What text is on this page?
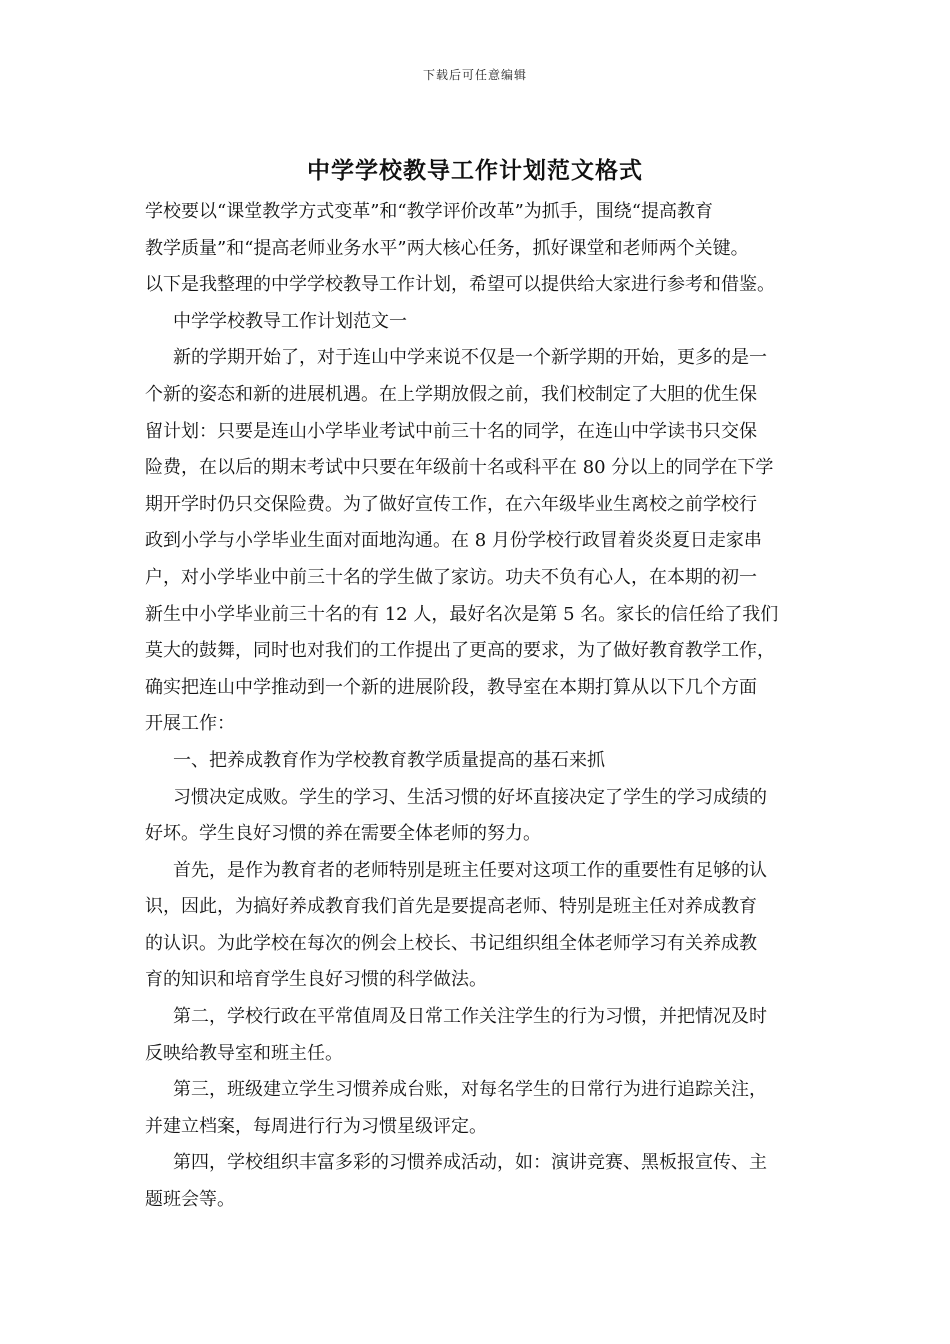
下载后可任意编辑
中学学校教导工作计划范文格式
学校要以“课堂教学方式变革”和“教学评价改革”为抓手，围绕“提高教育
教学质量”和“提高老师业务水平”两大核心任务，抓好课堂和老师两个关键。
以下是我整理的中学学校教导工作计划，希望可以提供给大家进行参考和借鉴。
中学学校教导工作计划范文一
新的学期开始了，对于连山中学来说不仅是一个新学期的开始，更多的是一
个新的姿态和新的进展机遇。在上学期放假之前，我们校制定了大胆的优生保
留计划：只要是连山小学毕业考试中前三十名的同学，在连山中学读书只交保
险费，在以后的期末考试中只要在年级前十名或科平在 80 分以上的同学在下学
期开学时仍只交保险费。为了做好宣传工作，在六年级毕业生离校之前学校行
政到小学与小学毕业生面对面地沟通。在 8 月份学校行政冒着炎炎夏日走家串
户，对小学毕业中前三十名的学生做了家访。功夫不负有心人，在本期的初一
新生中小学毕业前三十名的有 12 人，最好名次是第 5 名。家长的信任给了我们
莫大的鼓舞，同时也对我们的工作提出了更高的要求，为了做好教育教学工作，
确实把连山中学推动到一个新的进展阶段，教导室在本期打算从以下几个方面
开展工作：
一、把养成教育作为学校教育教学质量提高的基石来抓
习惯决定成败。学生的学习、生活习惯的好坏直接决定了学生的学习成绩的
好坏。学生良好习惯的养在需要全体老师的努力。
首先，是作为教育者的老师特别是班主任要对这项工作的重要性有足够的认
识，因此，为搞好养成教育我们首先是要提高老师、特别是班主任对养成教育
的认识。为此学校在每次的例会上校长、书记组织组全体老师学习有关养成教
育的知识和培育学生良好习惯的科学做法。
第二，学校行政在平常值周及日常工作关注学生的行为习惯，并把情况及时
反映给教导室和班主任。
第三，班级建立学生习惯养成台账，对每名学生的日常行为进行追踪关注，
并建立档案，每周进行行为习惯星级评定。
第四，学校组织丰富多彩的习惯养成活动，如：演讲竞赛、黑板报宣传、主
题班会等。
